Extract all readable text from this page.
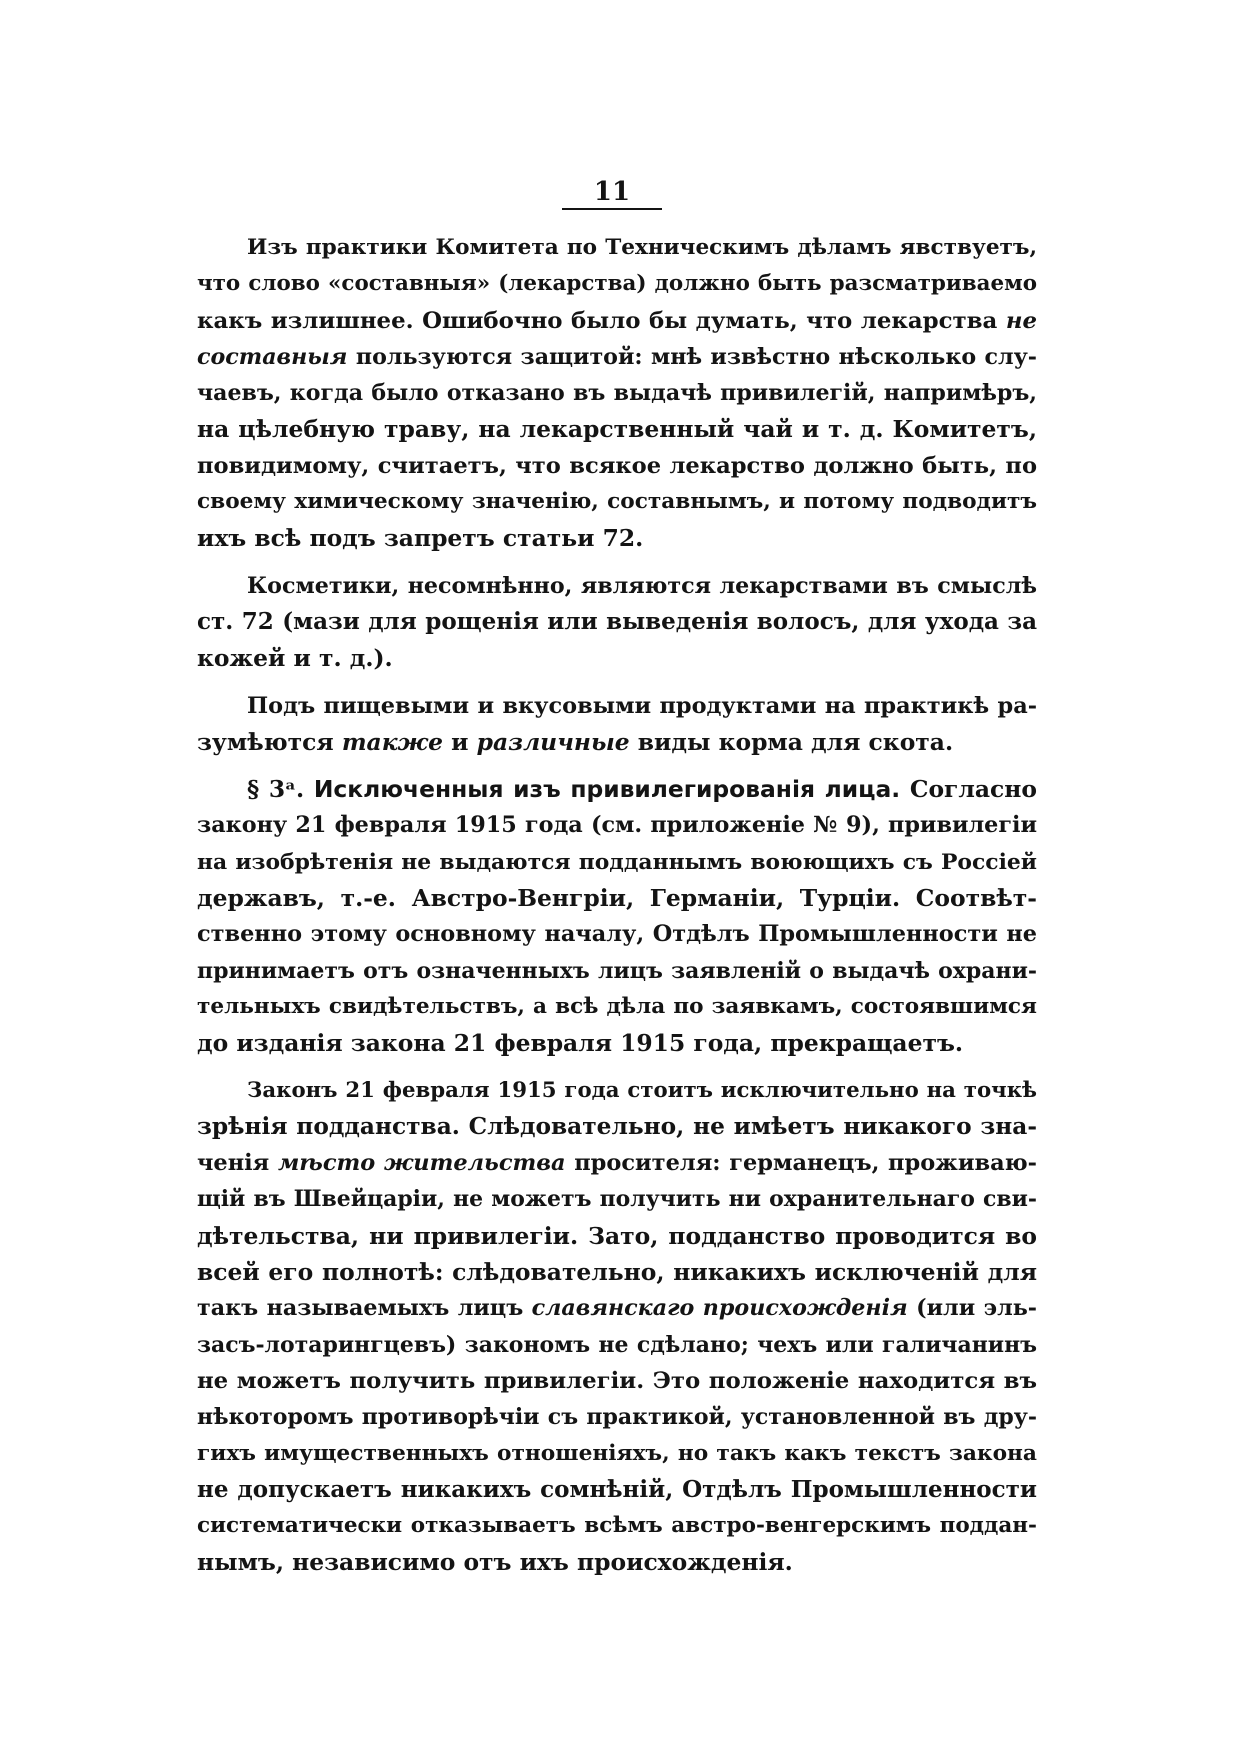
11
Изъ практики Комитета по Техническимъ дѣламъ явствуетъ,
что слово «составныя» (лекарства) должно быть разсматриваемо
какъ излишнее. Ошибочно было бы думать, что лекарства не
составныя пользуются защитой: мнѣ извѣстно нѣсколько слу-
чаевъ, когда было отказано въ выдачѣ привилегій, напримѣръ,
на цѣлебную траву, на лекарственный чай и т. д. Комитетъ,
повидимому, считаетъ, что всякое лекарство должно быть, по
своему химическому значенію, составнымъ, и потому подводитъ
ихъ всѣ подъ запретъ статьи 72.
Косметики, несомнѣнно, являются лекарствами въ смыслѣ
ст. 72 (мази для рощенія или выведенія волосъ, для ухода за
кожей и т. д.).
Подъ пищевыми и вкусовыми продуктами на практикѣ ра-
зумѣются также и различные виды корма для скота.
§ 3ᵃ. Исключенныя изъ привилегированія лица. Согласно
закону 21 февраля 1915 года (см. приложеніе № 9), привилегіи
на изобрѣтенія не выдаются подданнымъ воюющихъ съ Россіей
державъ, т.-е. Австро-Венгріи, Германіи, Турціи. Соотвѣт-
ственно этому основному началу, Отдѣлъ Промышленности не
принимаетъ отъ означенныхъ лицъ заявленій о выдачѣ охрани-
тельныхъ свидѣтельствъ, а всѣ дѣла по заявкамъ, состоявшимся
до изданія закона 21 февраля 1915 года, прекращаетъ.
Законъ 21 февраля 1915 года стоитъ исключительно на точкѣ
зрѣнія подданства. Слѣдовательно, не имѣетъ никакого зна-
ченія мѣсто жительства просителя: германецъ, проживаю-
щій въ Швейцаріи, не можетъ получить ни охранительнаго сви-
дѣтельства, ни привилегіи. Зато, подданство проводится во
всей его полнотѣ: слѣдовательно, никакихъ исключеній для
такъ называемыхъ лицъ славянскаго происхожденія (или эль-
засъ-лотарингцевъ) закономъ не сдѣлано; чехъ или галичанинъ
не можетъ получить привилегіи. Это положеніе находится въ
нѣкоторомъ противорѣчіи съ практикой, установленной въ дру-
гихъ имущественныхъ отношеніяхъ, но такъ какъ текстъ закона
не допускаетъ никакихъ сомнѣній, Отдѣлъ Промышленности
систематически отказываетъ всѣмъ австро-венгерскимъ поддан-
нымъ, независимо отъ ихъ происхожденія.
